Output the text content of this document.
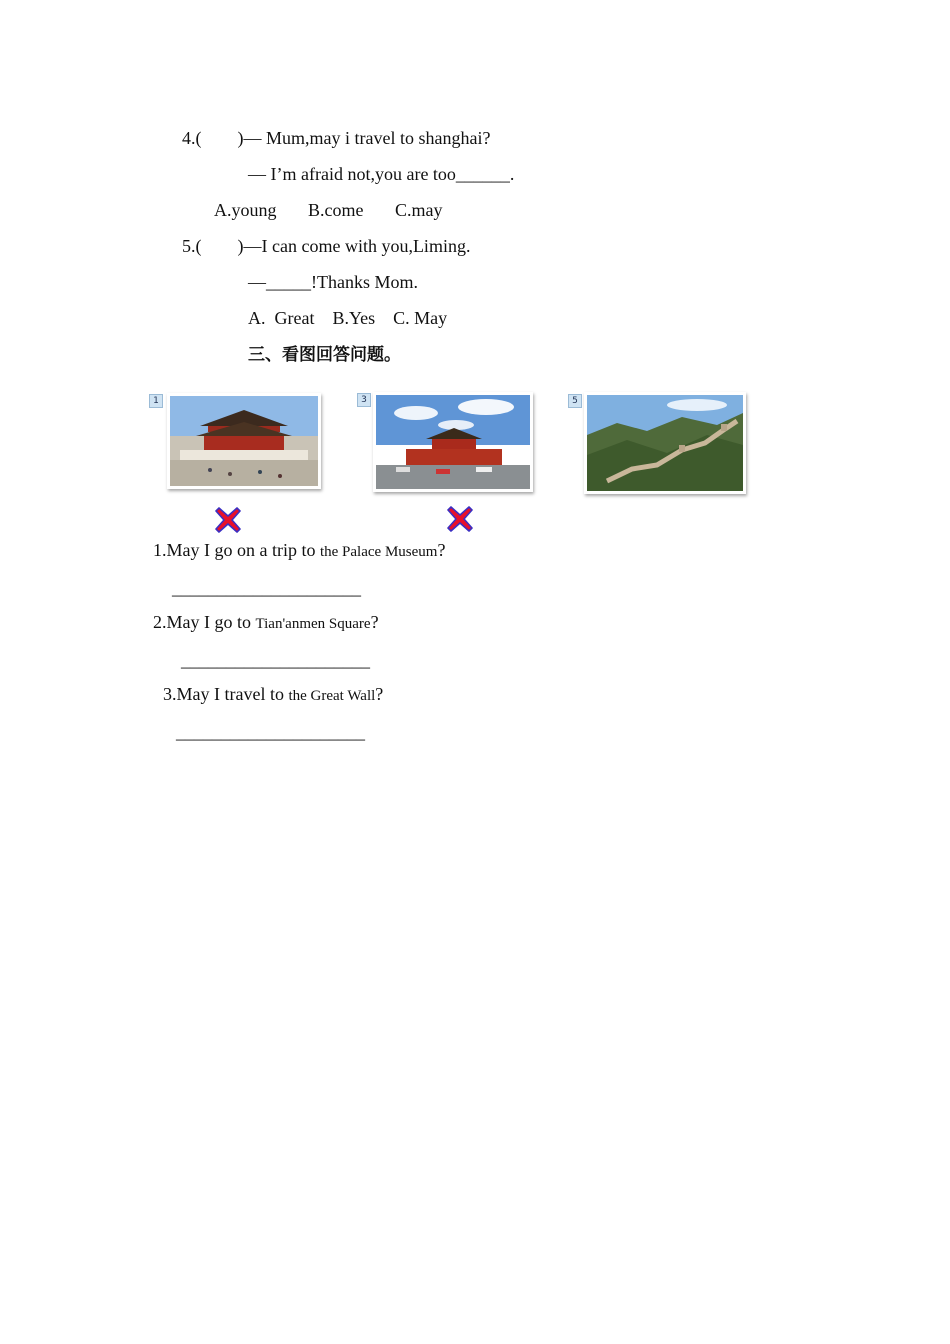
4.(        )— Mum,may i travel to shanghai?
— I’m afraid not,you are too______.
A.young       B.come       C.may
5.(        )—I can come with you,Liming.
—_____!Thanks Mom.
A.  Great    B.Yes    C. May
三、看图回答问题。
1	3	5
1.May I go on a trip to the Palace Museum?
_____________________
2.May I go to Tian'anmen Square?
_____________________
3.May I travel to the Great Wall?
_____________________
